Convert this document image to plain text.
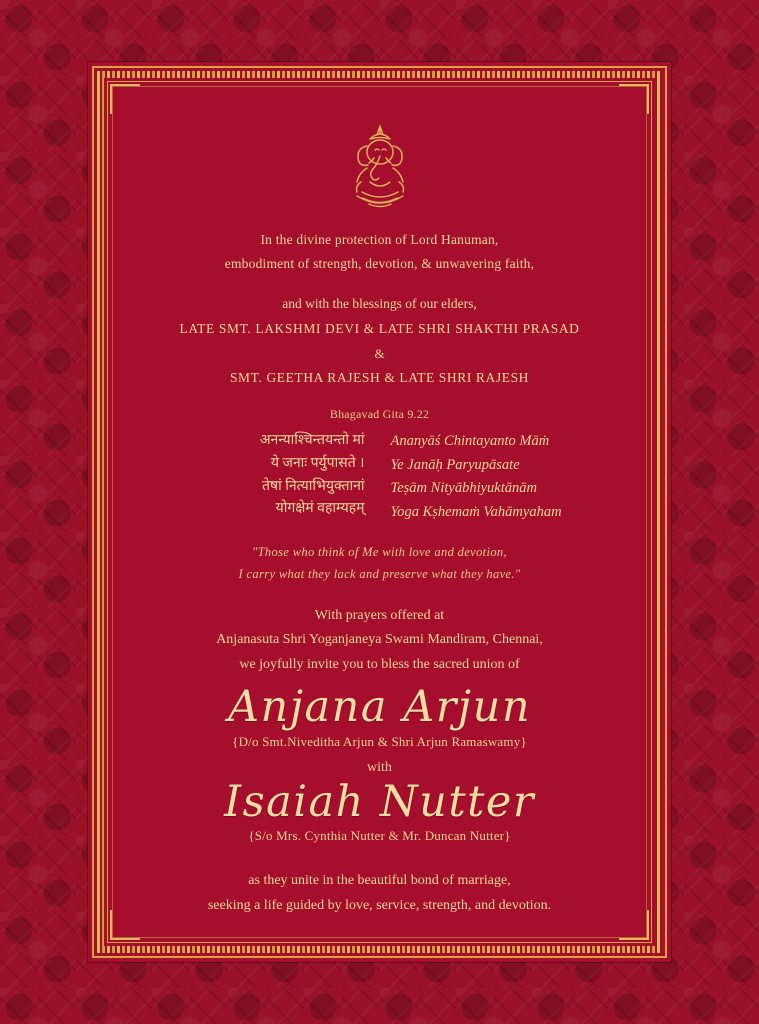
In the divine protection of Lord Hanuman,
embodiment of strength, devotion, & unwavering faith,
and with the blessings of our elders,
LATE SMT. LAKSHMI DEVI & LATE SHRI SHAKTHI PRASAD
&
SMT. GEETHA RAJESH & LATE SHRI RAJESH
Bhagavad Gita 9.22
अनन्याश्चिन्तयन्तो मां
ये जनाः पर्युपासते ।
तेषां नित्याभियुक्तानां
योगक्षेमं वहाम्यहम्‌
Ananyāś Chintayanto Māṁ
Ye Janāḥ Paryupāsate
Teṣām Nityābhiyuktānām
Yoga Kṣhemaṁ Vahāmyaham
"Those who think of Me with love and devotion,
I carry what they lack and preserve what they have."
With prayers offered at
Anjanasuta Shri Yoganjaneya Swami Mandiram, Chennai,
we joyfully invite you to bless the sacred union of
Anjana Arjun
{D/o Smt.Niveditha Arjun & Shri Arjun Ramaswamy}
with
Isaiah Nutter
{S/o Mrs. Cynthia Nutter & Mr. Duncan Nutter}
as they unite in the beautiful bond of marriage,
seeking a life guided by love, service, strength, and devotion.
